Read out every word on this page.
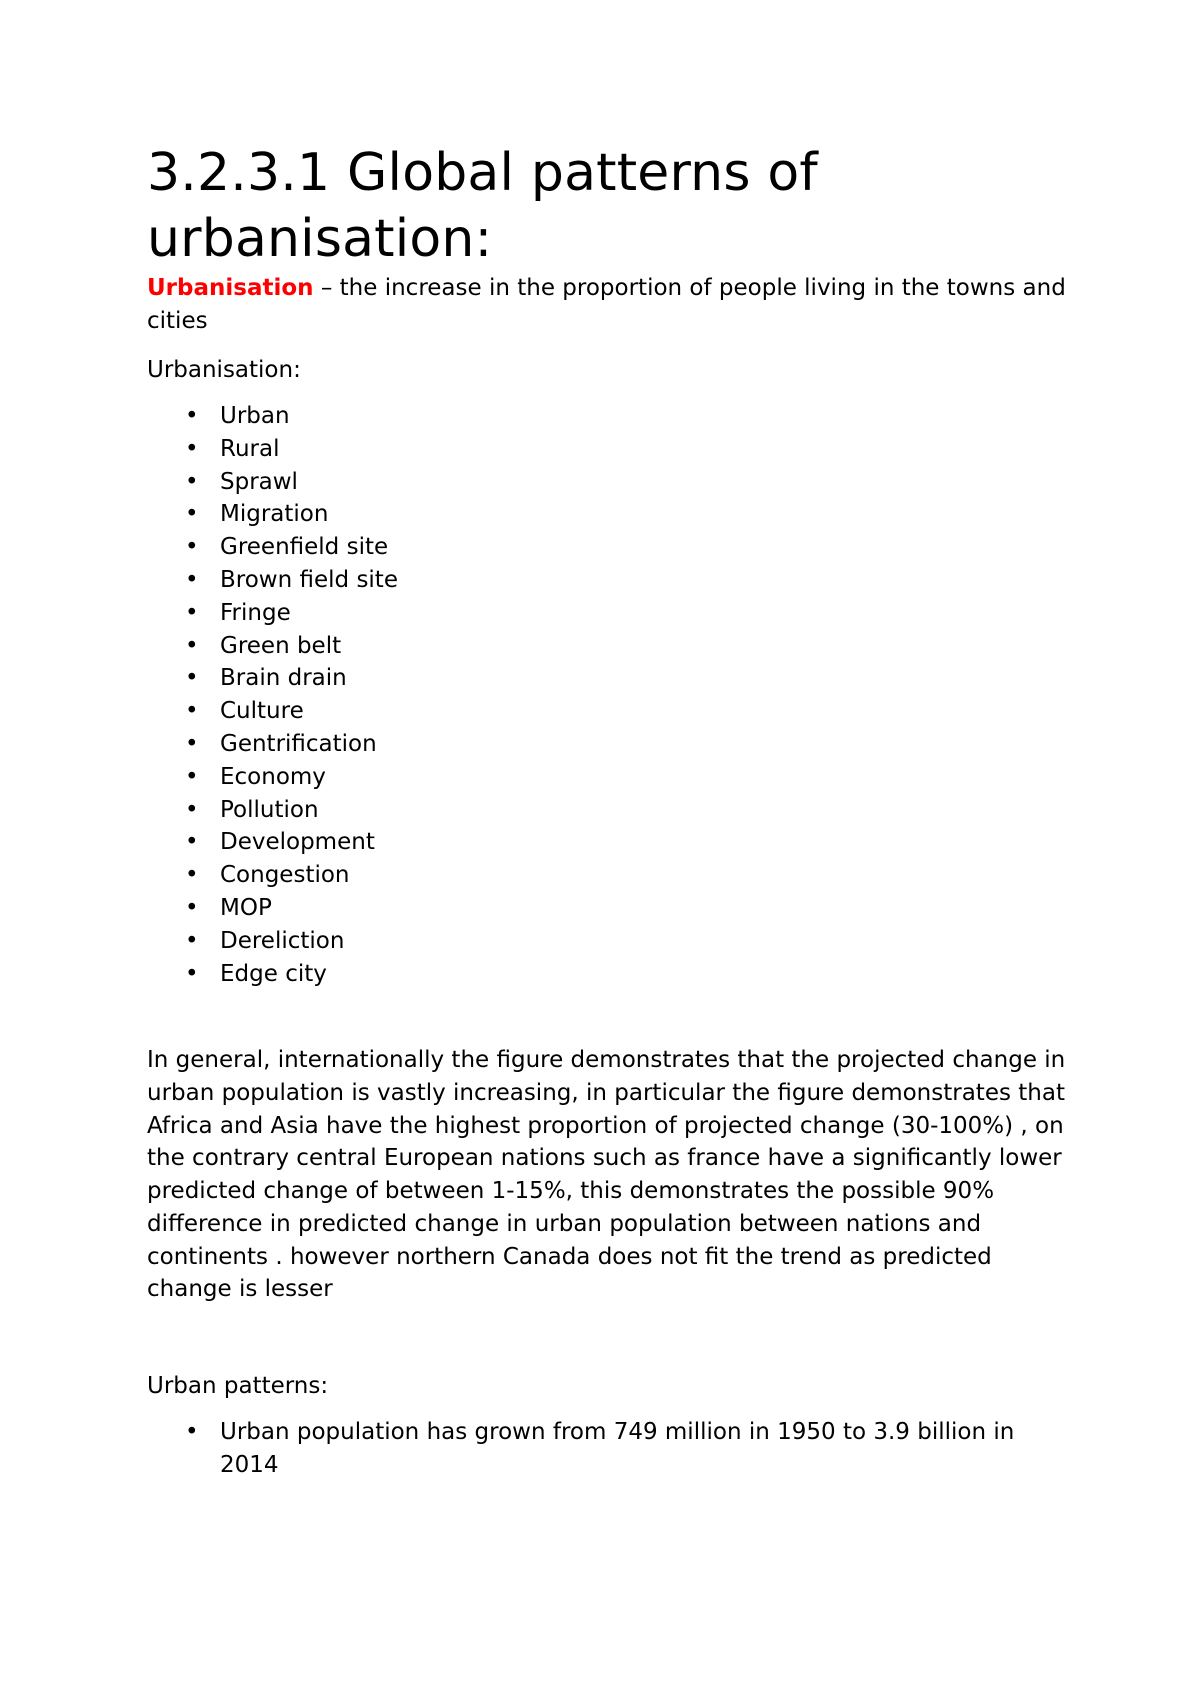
3.2.3.1 Global patterns of urbanisation:

Urbanisation – the increase in the proportion of people living in the towns and cities

Urbanisation:

• Urban
• Rural
• Sprawl
• Migration
• Greenfield site
• Brown field site
• Fringe
• Green belt
• Brain drain
• Culture
• Gentrification
• Economy
• Pollution
• Development
• Congestion
• MOP
• Dereliction
• Edge city

In general, internationally the figure demonstrates that the projected change in urban population is vastly increasing, in particular the figure demonstrates that Africa and Asia have the highest proportion of projected change (30-100%) , on the contrary central European nations such as france have a significantly lower predicted change of between 1-15%, this demonstrates the possible 90% difference in predicted change in urban population between nations and continents . however northern Canada does not fit the trend as predicted change is lesser

Urban patterns:

• Urban population has grown from 749 million in 1950 to 3.9 billion in 2014
